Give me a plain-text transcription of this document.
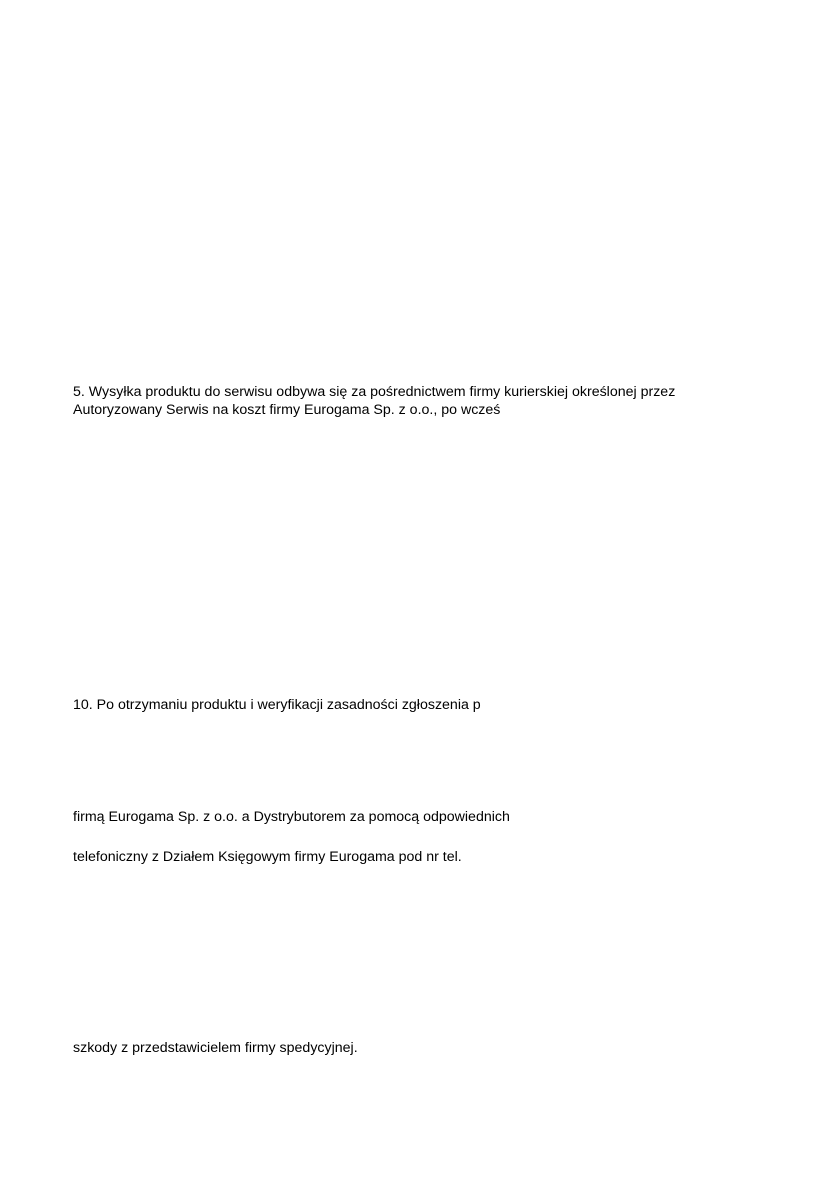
5. Wysyłka produktu do serwisu odbywa się za pośrednictwem firmy kurierskiej określonej przez

Autoryzowany Serwis na koszt firmy Eurogama Sp. z o.o., po wcześ

10. Po otrzymaniu produktu i weryfikacji zasadności zgłoszenia p

firmą Eurogama Sp. z o.o. a Dystrybutorem za pomocą odpowiednich

telefoniczny z Działem Księgowym firmy Eurogama pod nr tel.

szkody z przedstawicielem firmy spedycyjnej.
